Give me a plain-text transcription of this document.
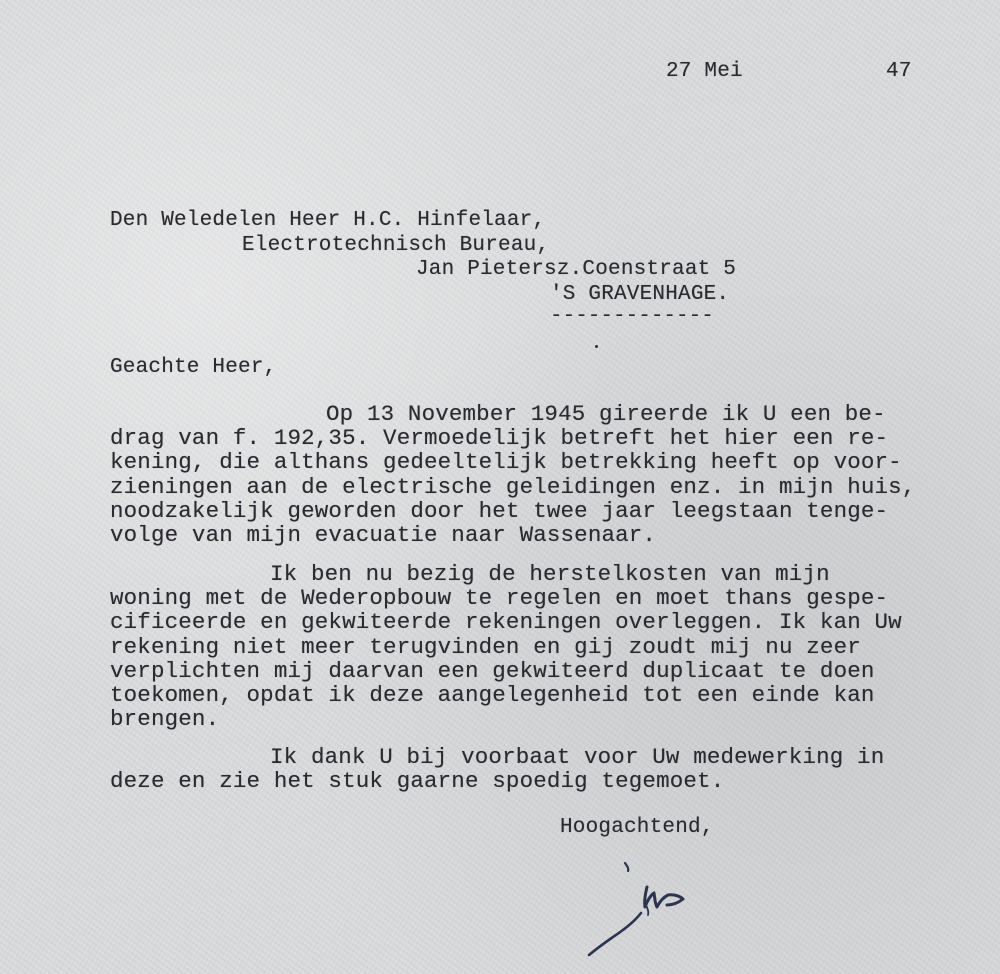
27 Mei	47
Den Weledelen Heer H.C. Hinfelaar,
Electrotechnisch Bureau,
Jan Pietersz.Coenstraat 5
'S GRAVENHAGE.
-------------
Geachte Heer,
Op 13 November 1945 gireerde ik U een be-
drag van f. 192,35. Vermoedelijk betreft het hier een re-
kening, die althans gedeeltelijk betrekking heeft op voor-
zieningen aan de electrische geleidingen enz. in mijn huis,
noodzakelijk geworden door het twee jaar leegstaan tenge-
volge van mijn evacuatie naar Wassenaar.
Ik ben nu bezig de herstelkosten van mijn
woning met de Wederopbouw te regelen en moet thans gespe-
cificeerde en gekwiteerde rekeningen overleggen. Ik kan Uw
rekening niet meer terugvinden en gij zoudt mij nu zeer
verplichten mij daarvan een gekwiteerd duplicaat te doen
toekomen, opdat ik deze aangelegenheid tot een einde kan
brengen.
Ik dank U bij voorbaat voor Uw medewerking in
deze en zie het stuk gaarne spoedig tegemoet.
Hoogachtend,
